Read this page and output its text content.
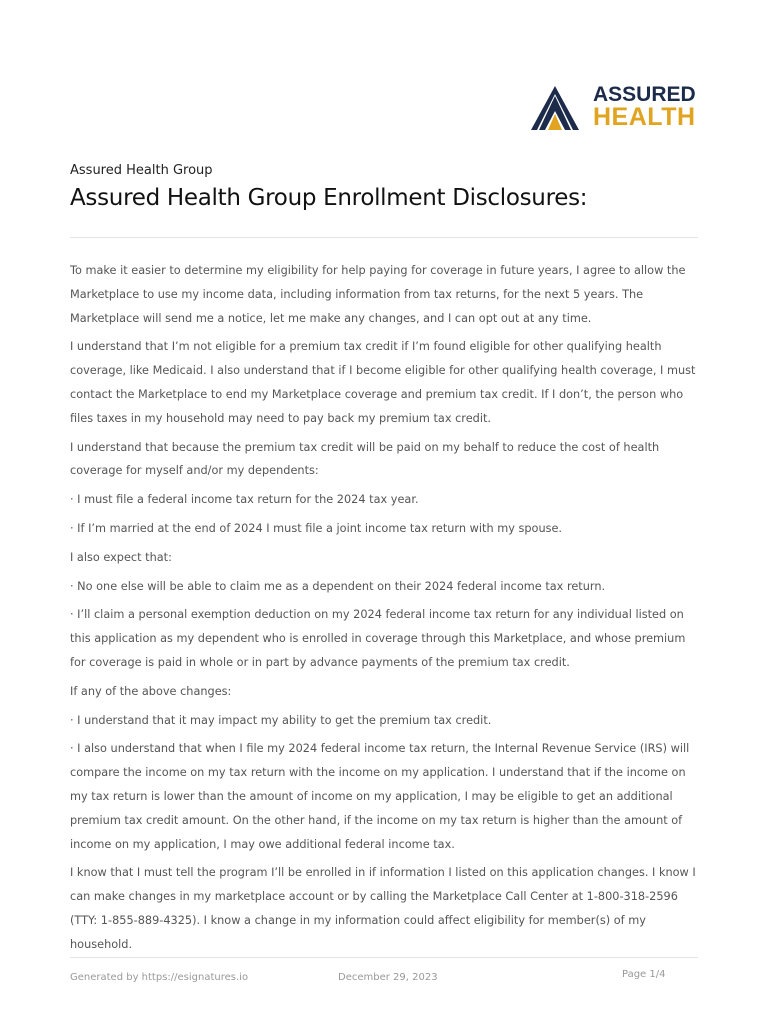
ASSURED
HEALTH
Assured Health Group
Assured Health Group Enrollment Disclosures:

To make it easier to determine my eligibility for help paying for coverage in future years, I agree to allow the Marketplace to use my income data, including information from tax returns, for the next 5 years. The Marketplace will send me a notice, let me make any changes, and I can opt out at any time.

I understand that I’m not eligible for a premium tax credit if I’m found eligible for other qualifying health coverage, like Medicaid. I also understand that if I become eligible for other qualifying health coverage, I must contact the Marketplace to end my Marketplace coverage and premium tax credit. If I don’t, the person who files taxes in my household may need to pay back my premium tax credit.

I understand that because the premium tax credit will be paid on my behalf to reduce the cost of health coverage for myself and/or my dependents:

· I must file a federal income tax return for the 2024 tax year.

· If I’m married at the end of 2024 I must file a joint income tax return with my spouse.

I also expect that:

· No one else will be able to claim me as a dependent on their 2024 federal income tax return.

· I’ll claim a personal exemption deduction on my 2024 federal income tax return for any individual listed on this application as my dependent who is enrolled in coverage through this Marketplace, and whose premium for coverage is paid in whole or in part by advance payments of the premium tax credit.

If any of the above changes:

· I understand that it may impact my ability to get the premium tax credit.

· I also understand that when I file my 2024 federal income tax return, the Internal Revenue Service (IRS) will compare the income on my tax return with the income on my application. I understand that if the income on my tax return is lower than the amount of income on my application, I may be eligible to get an additional premium tax credit amount. On the other hand, if the income on my tax return is higher than the amount of income on my application, I may owe additional federal income tax.

I know that I must tell the program I’ll be enrolled in if information I listed on this application changes. I know I can make changes in my marketplace account or by calling the Marketplace Call Center at 1-800-318-2596 (TTY: 1-855-889-4325). I know a change in my information could affect eligibility for member(s) of my household.

Generated by https://esignatures.io	December 29, 2023	Page 1/4
